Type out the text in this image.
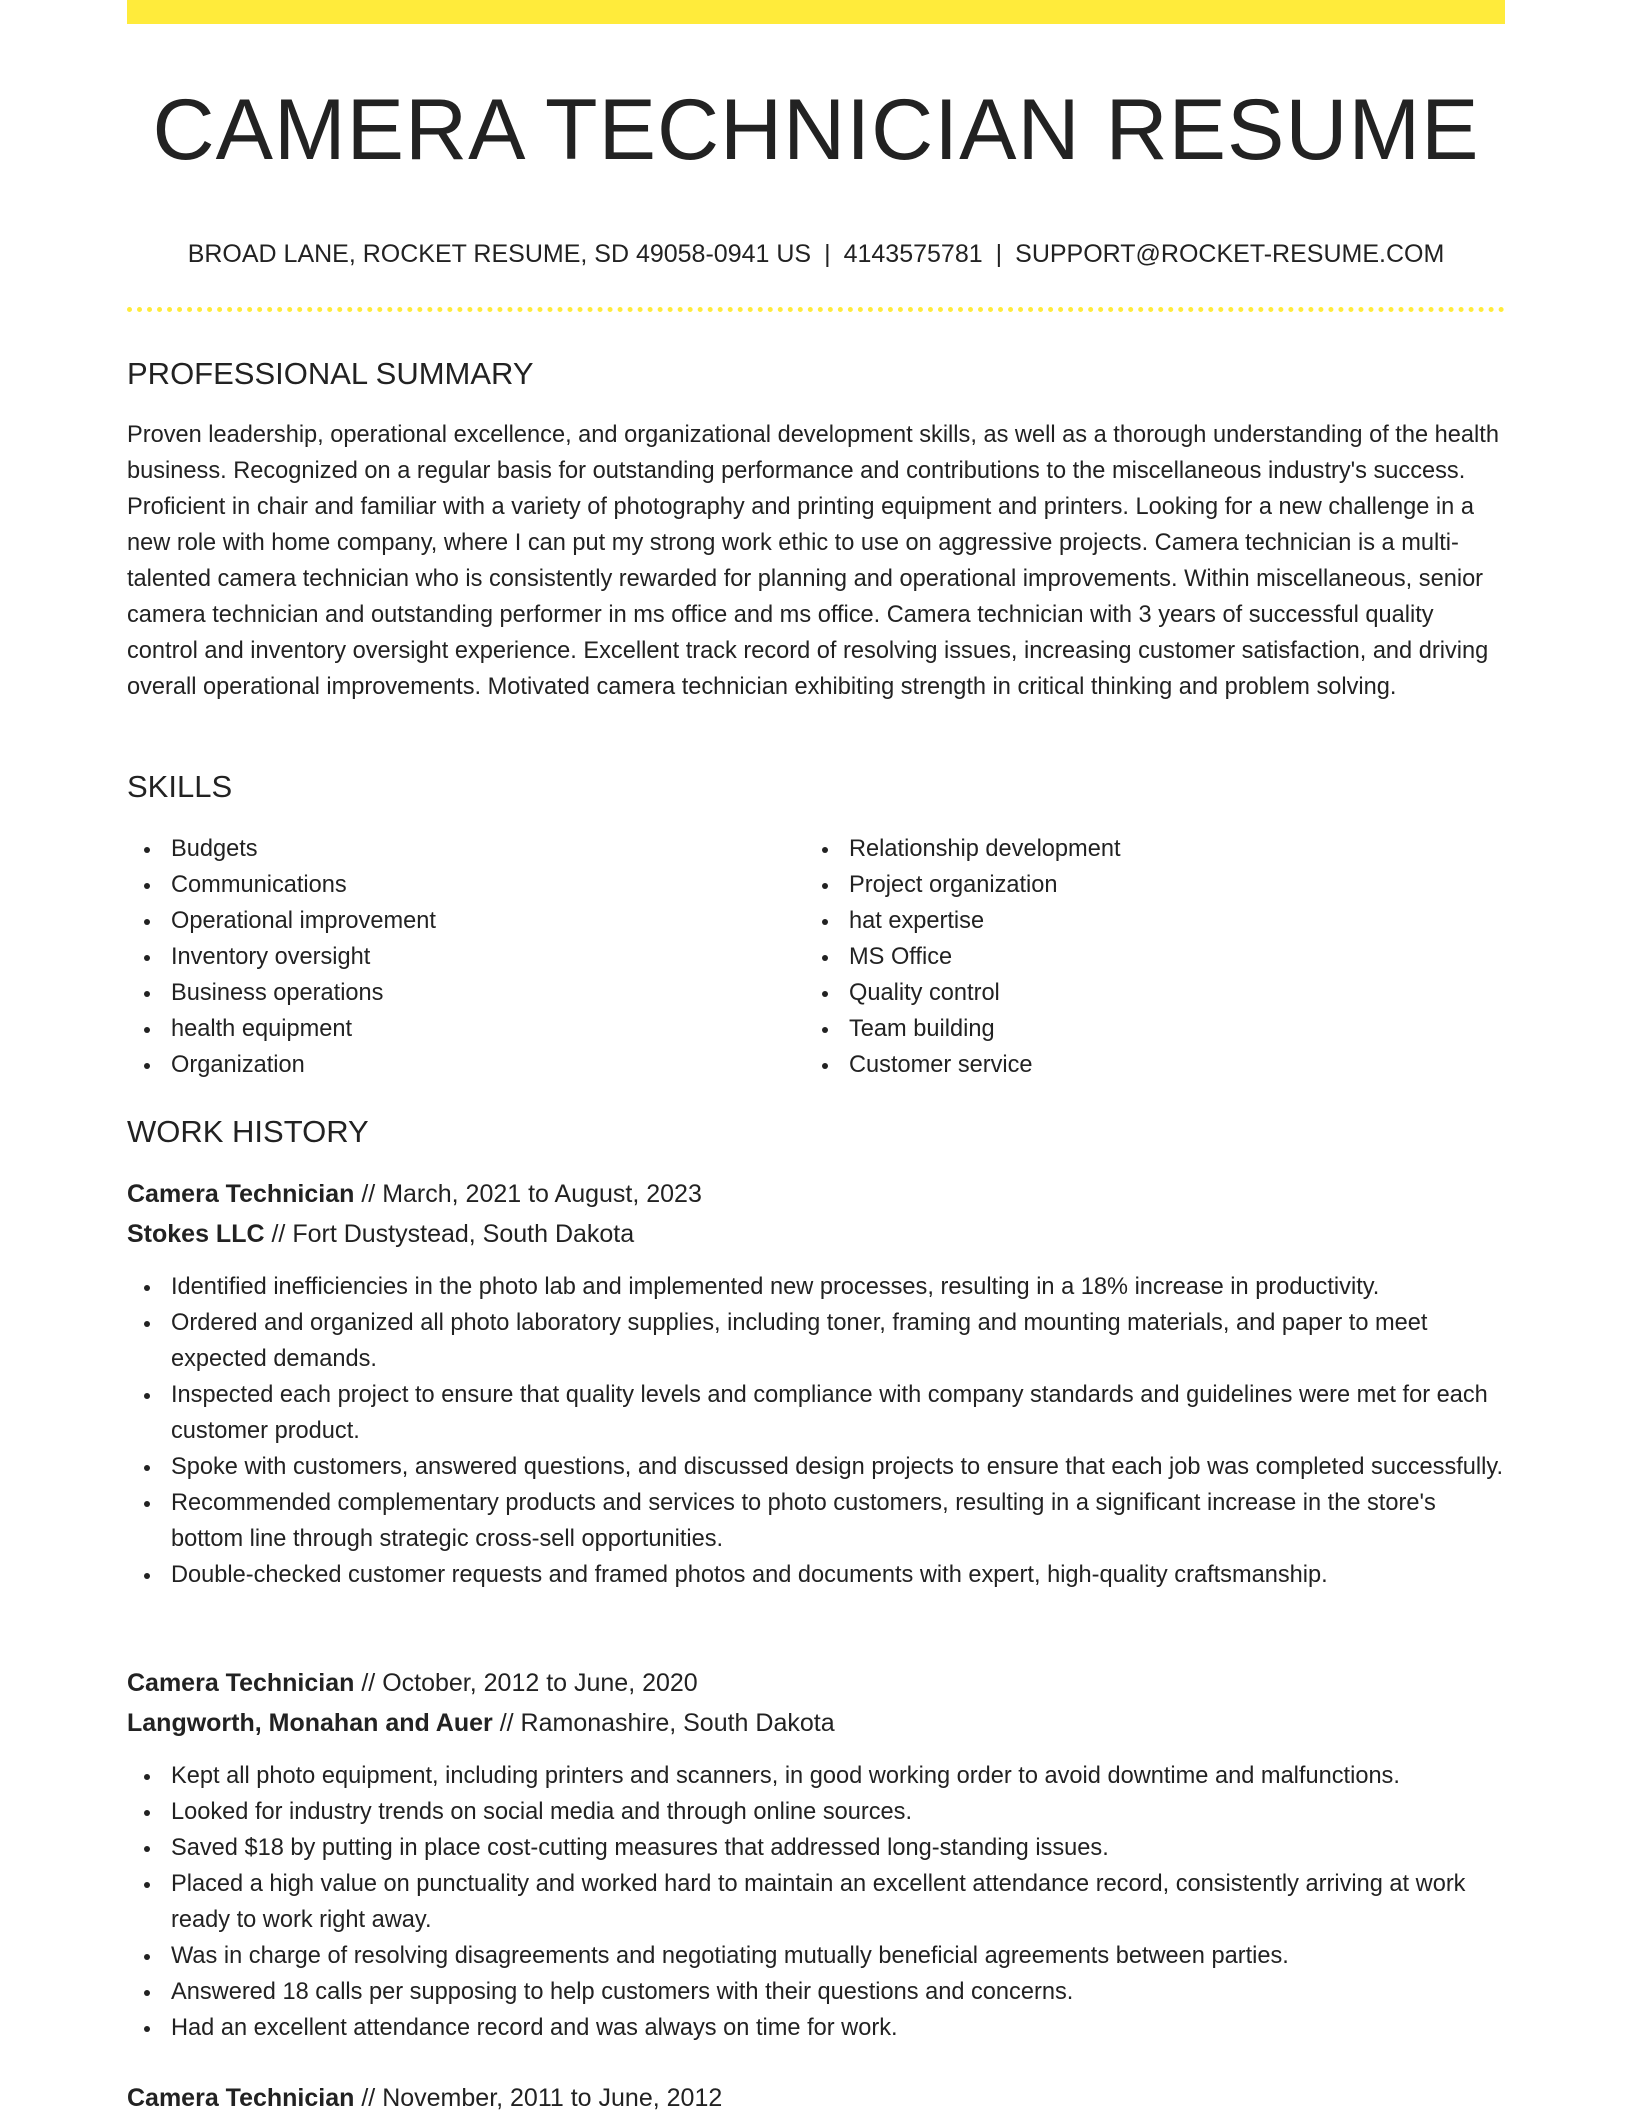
CAMERA TECHNICIAN RESUME
BROAD LANE, ROCKET RESUME, SD 49058-0941 US | 4143575781 | SUPPORT@ROCKET-RESUME.COM
PROFESSIONAL SUMMARY

Proven leadership, operational excellence, and organizational development skills, as well as a thorough understanding of the health business. Recognized on a regular basis for outstanding performance and contributions to the miscellaneous industry's success. Proficient in chair and familiar with a variety of photography and printing equipment and printers. Looking for a new challenge in a new role with home company, where I can put my strong work ethic to use on aggressive projects. Camera technician is a multi-talented camera technician who is consistently rewarded for planning and operational improvements. Within miscellaneous, senior camera technician and outstanding performer in ms office and ms office. Camera technician with 3 years of successful quality control and inventory oversight experience. Excellent track record of resolving issues, increasing customer satisfaction, and driving overall operational improvements. Motivated camera technician exhibiting strength in critical thinking and problem solving.

SKILLS
Budgets
Communications
Operational improvement
Inventory oversight
Business operations
health equipment
Organization
Relationship development
Project organization
hat expertise
MS Office
Quality control
Team building
Customer service
WORK HISTORY
Camera Technician // March, 2021 to August, 2023
Stokes LLC // Fort Dustystead, South Dakota
Identified inefficiencies in the photo lab and implemented new processes, resulting in a 18% increase in productivity.
Ordered and organized all photo laboratory supplies, including toner, framing and mounting materials, and paper to meet expected demands.
Inspected each project to ensure that quality levels and compliance with company standards and guidelines were met for each customer product.
Spoke with customers, answered questions, and discussed design projects to ensure that each job was completed successfully.
Recommended complementary products and services to photo customers, resulting in a significant increase in the store's bottom line through strategic cross-sell opportunities.
Double-checked customer requests and framed photos and documents with expert, high-quality craftsmanship.
Camera Technician // October, 2012 to June, 2020
Langworth, Monahan and Auer // Ramonashire, South Dakota
Kept all photo equipment, including printers and scanners, in good working order to avoid downtime and malfunctions.
Looked for industry trends on social media and through online sources.
Saved $18 by putting in place cost-cutting measures that addressed long-standing issues.
Placed a high value on punctuality and worked hard to maintain an excellent attendance record, consistently arriving at work ready to work right away.
Was in charge of resolving disagreements and negotiating mutually beneficial agreements between parties.
Answered 18 calls per supposing to help customers with their questions and concerns.
Had an excellent attendance record and was always on time for work.
Camera Technician // November, 2011 to June, 2012
